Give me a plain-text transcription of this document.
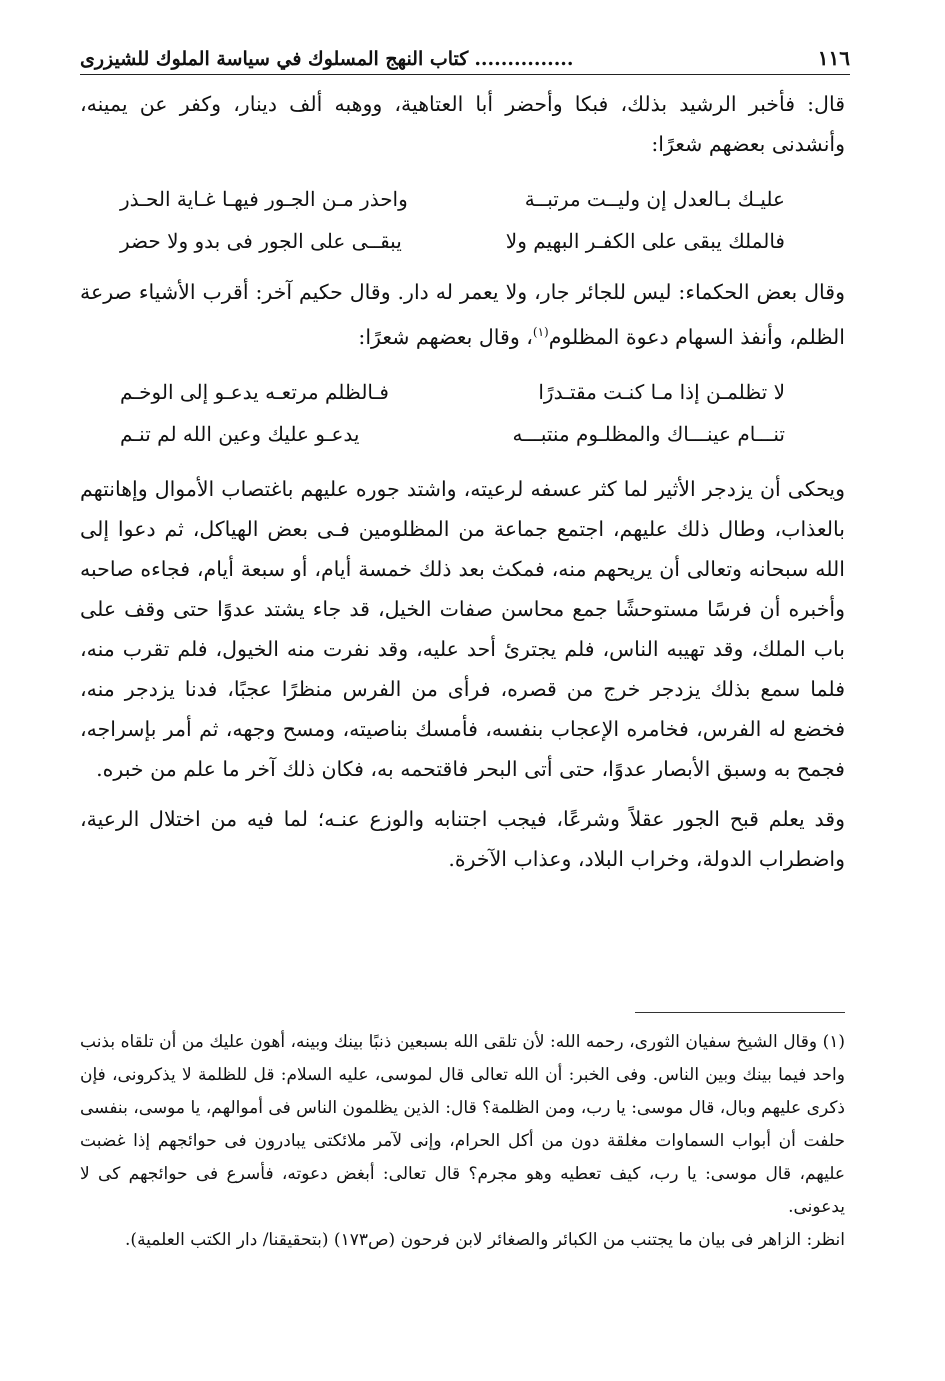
١١٦
...............كتاب النهج المسلوك في سياسة الملوك للشيزرى

قال: فأخبر الرشيد بذلك، فبكا وأحضر أبا العتاهية، ووهبه ألف دينار، وكفر عن يمينه، وأنشدنى بعضهم شعرًا:

عليـك بـالعدل إن وليــت مرتبــة
واحذر مـن الجـور فيهـا غـاية الحـذر
فالملك يبقى على الكفـر البهيم ولا
يبقــى على الجور فى بدو ولا حضر

وقال بعض الحكماء: ليس للجائر جار، ولا يعمر له دار. وقال حكيم آخر: أقرب الأشياء صرعة الظلم، وأنفذ السهام دعوة المظلوم$^{(١)}$، وقال بعضهم شعرًا:

لا تظلمـن إذا مـا كنـت مقتـدرًا
فـالظلم مرتعـه يدعـو إلى الوخـم
تنـــام عينـــاك والمظلـوم منتبـــه
يدعـو عليك وعين الله لم تنـم

ويحكى أن يزدجر الأثير لما كثر عسفه لرعيته، واشتد جوره عليهم باغتصاب الأموال وإهانتهم بالعذاب، وطال ذلك عليهم، اجتمع جماعة من المظلومين فـى بعض الهياكل، ثم دعوا إلى الله سبحانه وتعالى أن يريحهم منه، فمكث بعد ذلك خمسة أيام، أو سبعة أيام، فجاءه صاحبه وأخبره أن فرسًا مستوحشًا جمع محاسن صفات الخيل، قد جاء يشتد عدوًا حتى وقف على باب الملك، وقد تهيبه الناس، فلم يجترئ أحد عليه، وقد نفرت منه الخيول، فلم تقرب منه، فلما سمع بذلك يزدجر خرج من قصره، فرأى من الفرس منظرًا عجبًا، فدنا يزدجر منه، فخضع له الفرس، فخامره الإعجاب بنفسه، فأمسك بناصيته، ومسح وجهه، ثم أمر بإسراجه، فجمح به وسبق الأبصار عدوًا، حتى أتى البحر فاقتحمه به، فكان ذلك آخر ما علم من خبره.

وقد يعلم قبح الجور عقلاً وشرعًا، فيجب اجتنابه والوزع عنـه؛ لما فيه من اختلال الرعية، واضطراب الدولة، وخراب البلاد، وعذاب الآخرة.

(١) وقال الشيخ سفيان الثورى، رحمه الله: لأن تلقى الله بسبعين ذنبًا بينك وبينه، أهون عليك من أن تلقاه بذنب واحد فيما بينك وبين الناس. وفى الخبر: أن الله تعالى قال لموسى، عليه السلام: قل للظلمة لا يذكرونى، فإن ذكرى عليهم وبال، قال موسى: يا رب، ومن الظلمة؟ قال: الذين يظلمون الناس فى أموالهم، يا موسى، بنفسى حلفت أن أبواب السماوات مغلقة دون من أكل الحرام، وإنى لآمر ملائكتى يبادرون فى حوائجهم إذا غضبت عليهم، قال موسى: يا رب، كيف تعطيه وهو مجرم؟ قال تعالى: أبغض دعوته، فأسرع فى حوائجهم كى لا يدعونى.

انظر: الزاهر فى بيان ما يجتنب من الكبائر والصغائر لابن فرحون (ص١٧٣) (بتحقيقنا/ دار الكتب العلمية).
